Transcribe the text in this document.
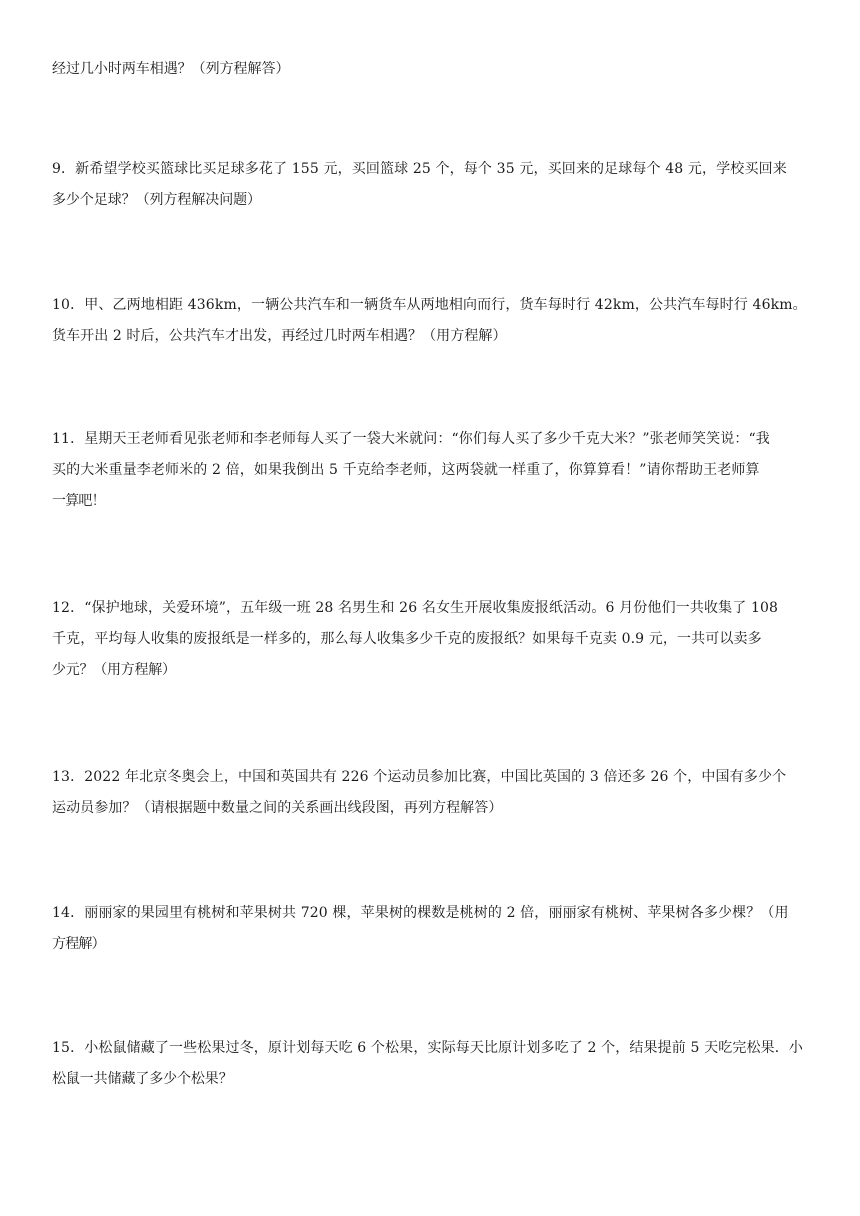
经过几小时两车相遇？（列方程解答）

9．新希望学校买篮球比买足球多花了 155 元，买回篮球 25 个，每个 35 元，买回来的足球每个 48 元，学校买回来

多少个足球？（列方程解决问题）

10．甲、乙两地相距 436km，一辆公共汽车和一辆货车从两地相向而行，货车每时行 42km，公共汽车每时行 46km。

货车开出 2 时后，公共汽车才出发，再经过几时两车相遇？（用方程解）

11．星期天王老师看见张老师和李老师每人买了一袋大米就问：“你们每人买了多少千克大米？”张老师笑笑说：“我

买的大米重量李老师米的 2 倍，如果我倒出 5 千克给李老师，这两袋就一样重了，你算算看！”请你帮助王老师算

一算吧！

12．“保护地球，关爱环境”，五年级一班 28 名男生和 26 名女生开展收集废报纸活动。6 月份他们一共收集了 108

千克，平均每人收集的废报纸是一样多的，那么每人收集多少千克的废报纸？如果每千克卖 0.9 元，一共可以卖多

少元？（用方程解）

13．2022 年北京冬奥会上，中国和英国共有 226 个运动员参加比赛，中国比英国的 3 倍还多 26 个，中国有多少个

运动员参加？（请根据题中数量之间的关系画出线段图，再列方程解答）

14．丽丽家的果园里有桃树和苹果树共 720 棵，苹果树的棵数是桃树的 2 倍，丽丽家有桃树、苹果树各多少棵？（用

方程解）

15．小松鼠储藏了一些松果过冬，原计划每天吃 6 个松果，实际每天比原计划多吃了 2 个，结果提前 5 天吃完松果．小

松鼠一共储藏了多少个松果？
